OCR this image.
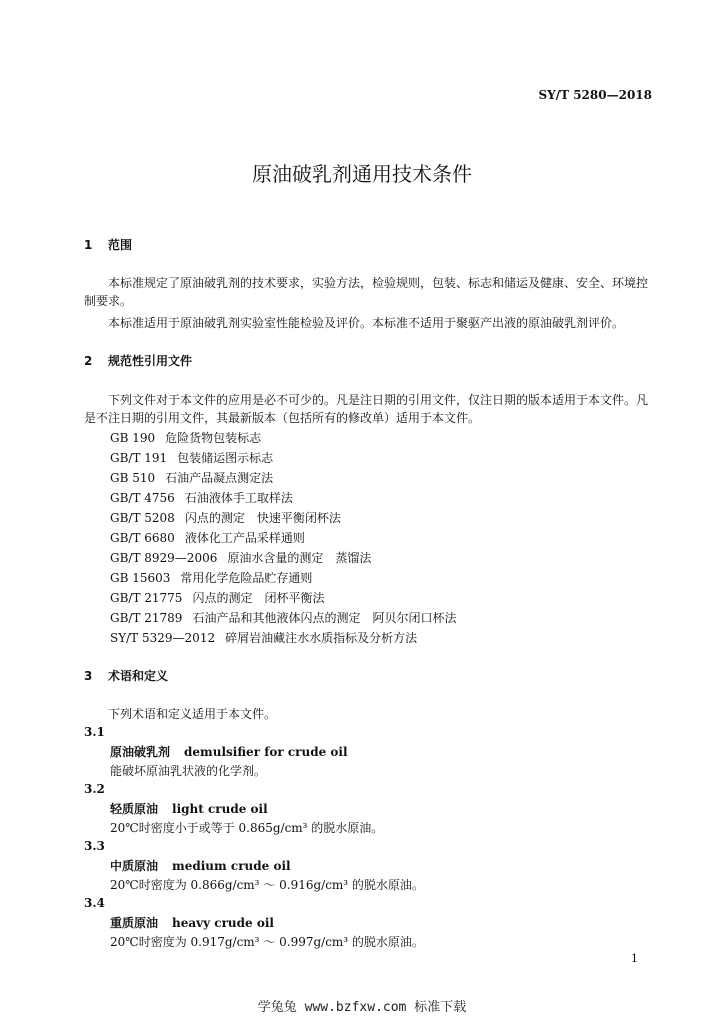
SY/T 5280—2018
原油破乳剂通用技术条件
1 范围
本标准规定了原油破乳剂的技术要求，实验方法，检验规则，包装、标志和储运及健康、安全、环境控制要求。
本标准适用于原油破乳剂实验室性能检验及评价。本标准不适用于聚驱产出液的原油破乳剂评价。
2 规范性引用文件
下列文件对于本文件的应用是必不可少的。凡是注日期的引用文件，仅注日期的版本适用于本文件。凡是不注日期的引用文件，其最新版本（包括所有的修改单）适用于本文件。
GB 190 危险货物包装标志
GB/T 191 包装储运图示标志
GB 510 石油产品凝点测定法
GB/T 4756 石油液体手工取样法
GB/T 5208 闪点的测定　快速平衡闭杯法
GB/T 6680 液体化工产品采样通则
GB/T 8929—2006 原油水含量的测定　蒸馏法
GB 15603 常用化学危险品贮存通则
GB/T 21775 闪点的测定　闭杯平衡法
GB/T 21789 石油产品和其他液体闪点的测定　阿贝尔闭口杯法
SY/T 5329—2012 碎屑岩油藏注水水质指标及分析方法
3 术语和定义
下列术语和定义适用于本文件。
3.1
原油破乳剂 demulsifier for crude oil
能破坏原油乳状液的化学剂。
3.2
轻质原油 light crude oil
20℃时密度小于或等于 0.865g/cm³ 的脱水原油。
3.3
中质原油 medium crude oil
20℃时密度为 0.866g/cm³ ～ 0.916g/cm³ 的脱水原油。
3.4
重质原油 heavy crude oil
20℃时密度为 0.917g/cm³ ～ 0.997g/cm³ 的脱水原油。
1
学兔兔 www.bzfxw.com 标准下载
